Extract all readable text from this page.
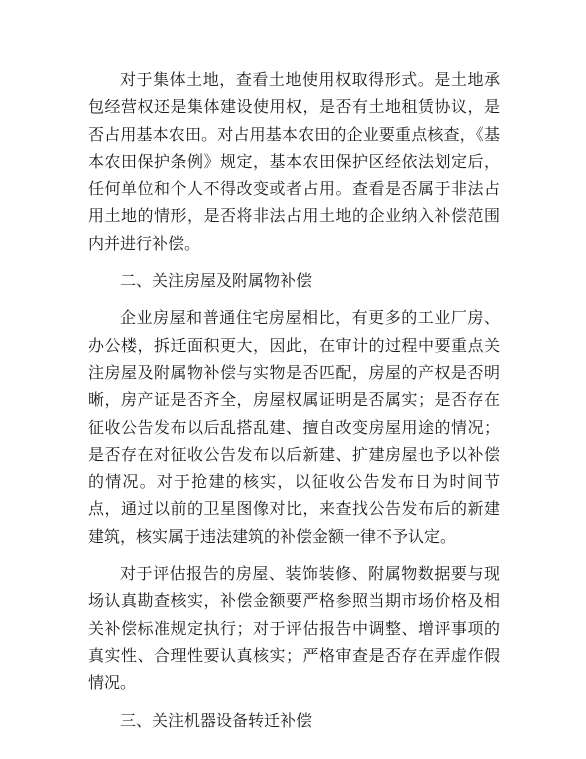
对于集体土地，查看土地使用权取得形式。是土地承包经营权还是集体建设使用权，是否有土地租赁协议，是否占用基本农田。对占用基本农田的企业要重点核查，《基本农田保护条例》规定，基本农田保护区经依法划定后，任何单位和个人不得改变或者占用。查看是否属于非法占用土地的情形，是否将非法占用土地的企业纳入补偿范围内并进行补偿。

二、关注房屋及附属物补偿

企业房屋和普通住宅房屋相比，有更多的工业厂房、办公楼，拆迁面积更大，因此，在审计的过程中要重点关注房屋及附属物补偿与实物是否匹配，房屋的产权是否明晰，房产证是否齐全，房屋权属证明是否属实；是否存在征收公告发布以后乱搭乱建、擅自改变房屋用途的情况；是否存在对征收公告发布以后新建、扩建房屋也予以补偿的情况。对于抢建的核实，以征收公告发布日为时间节点，通过以前的卫星图像对比，来查找公告发布后的新建建筑，核实属于违法建筑的补偿金额一律不予认定。

对于评估报告的房屋、装饰装修、附属物数据要与现场认真勘查核实，补偿金额要严格参照当期市场价格及相关补偿标准规定执行；对于评估报告中调整、增评事项的真实性、合理性要认真核实；严格审查是否存在弄虚作假情况。

三、关注机器设备转迁补偿
